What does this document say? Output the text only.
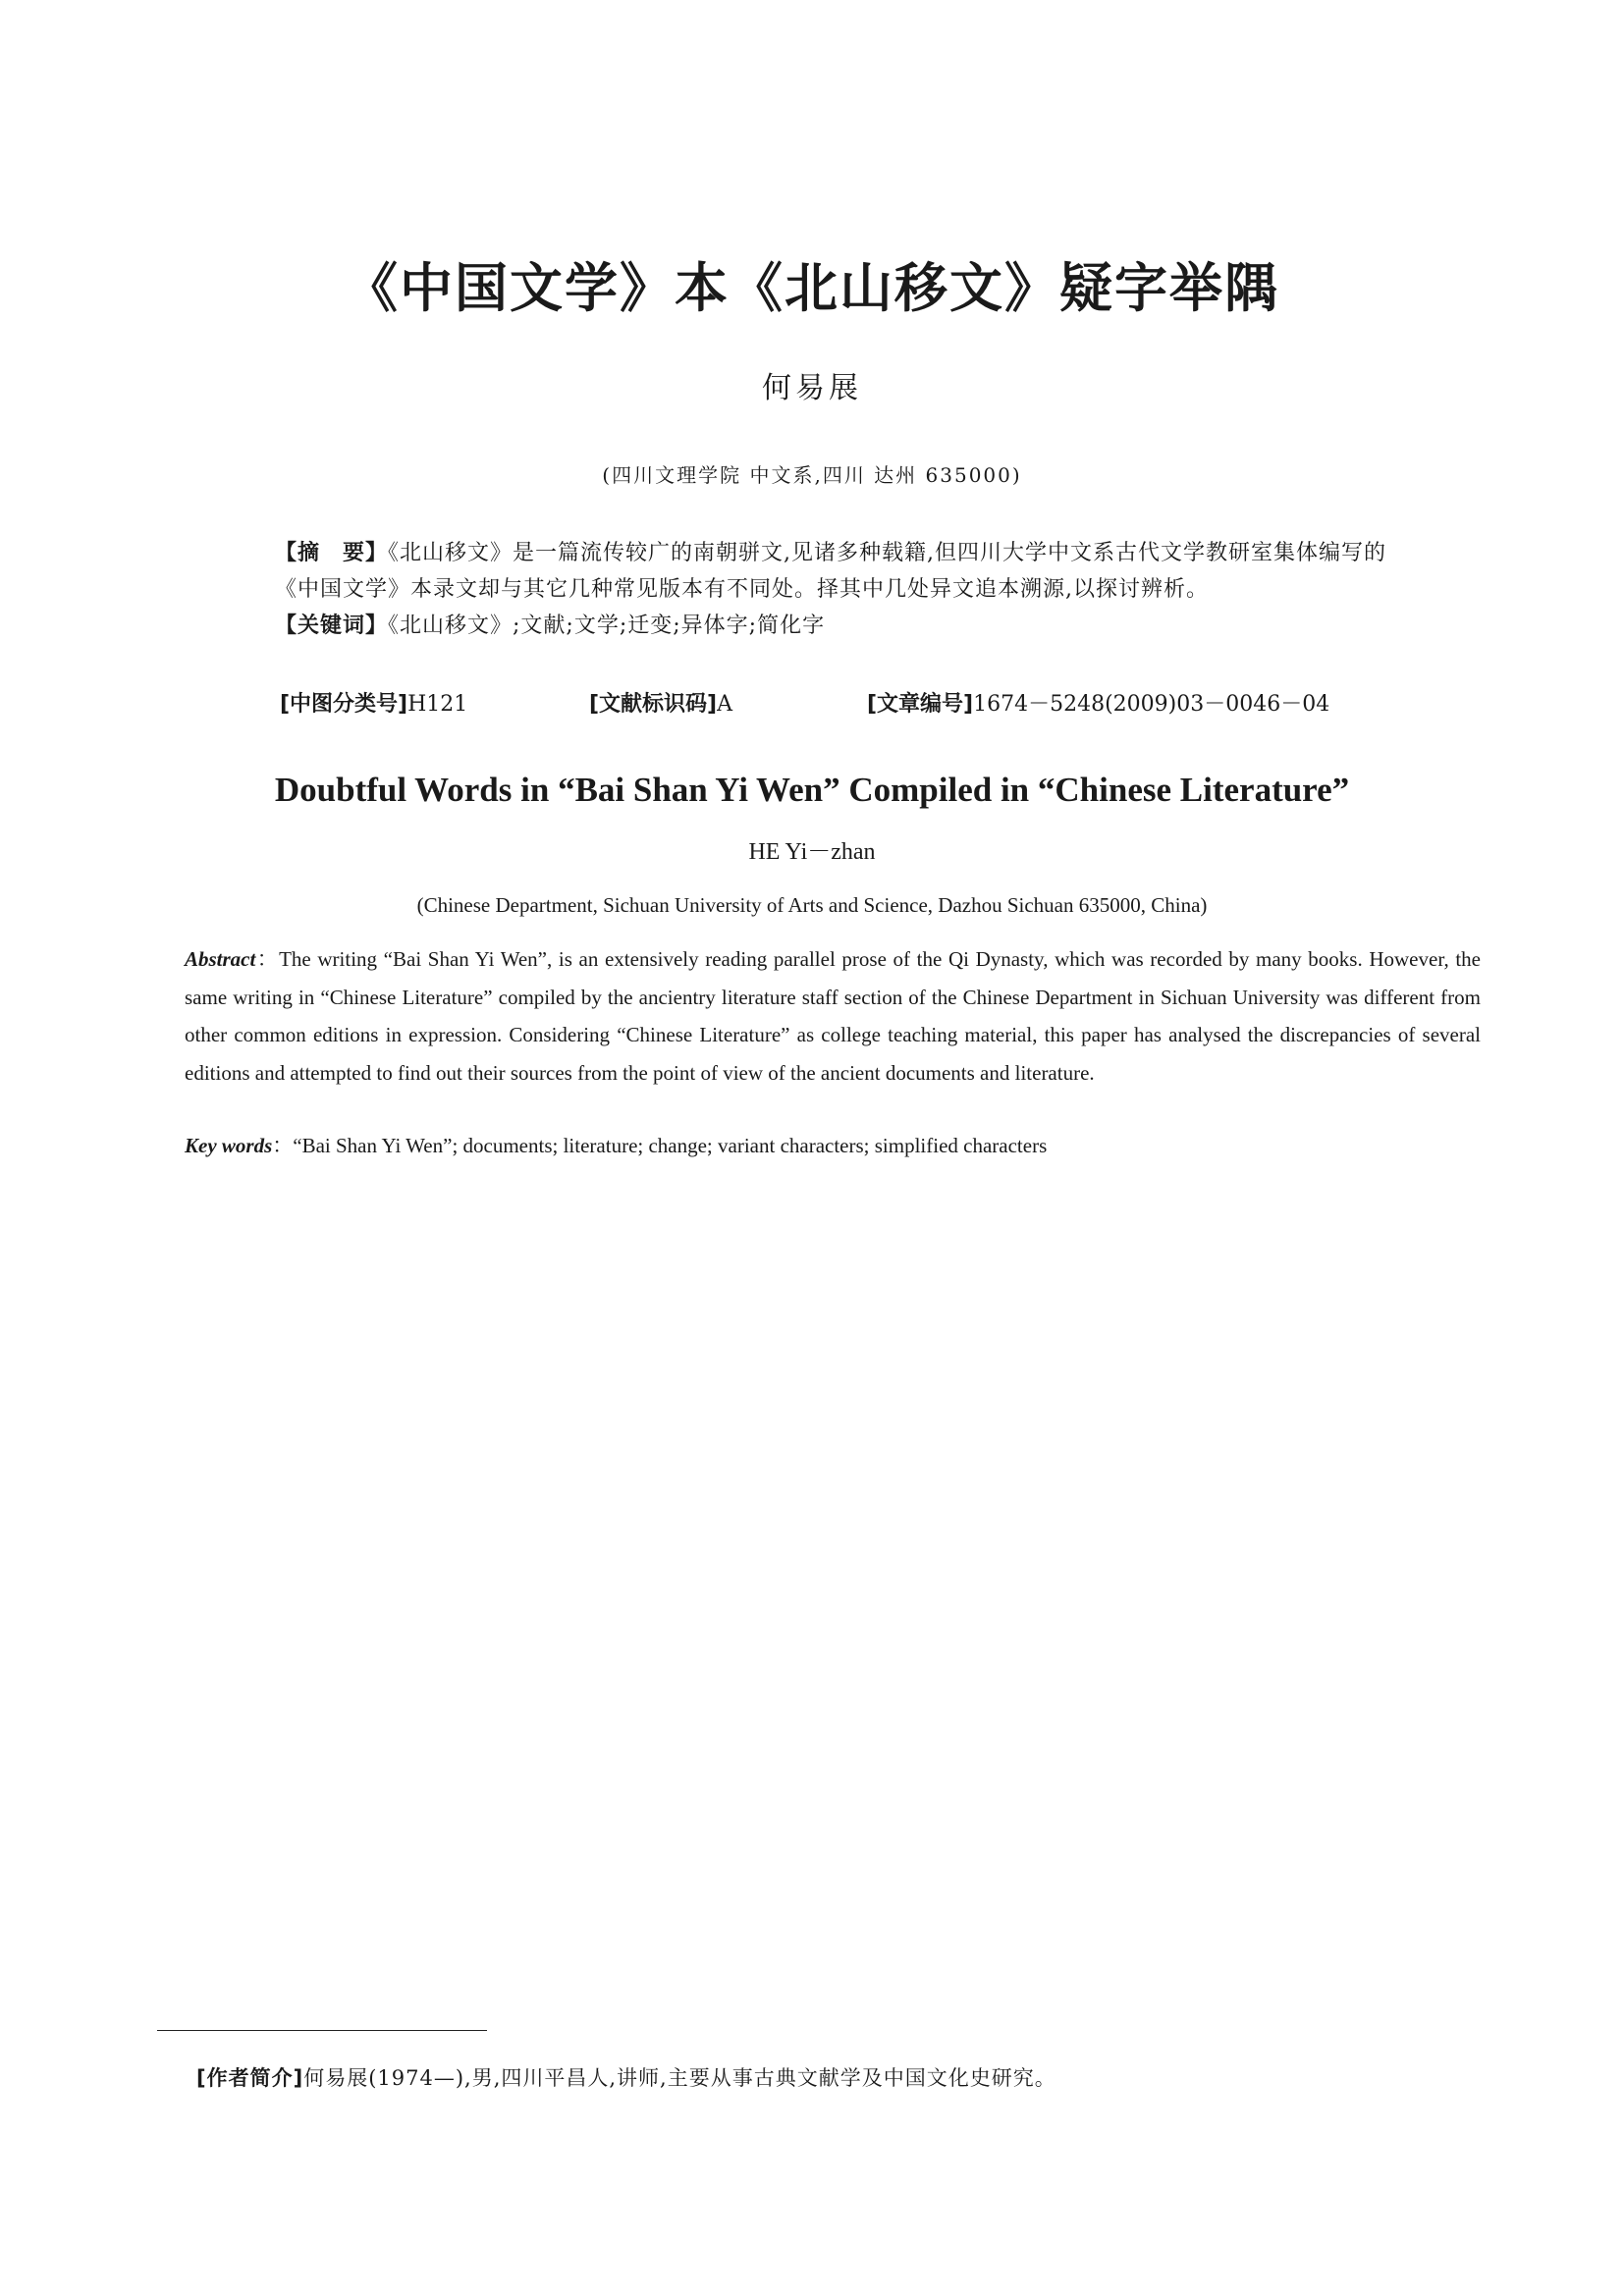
《中国文学》本《北山移文》疑字举隅
何易展
(四川文理学院 中文系,四川 达州 635000)

【摘　要】《北山移文》是一篇流传较广的南朝骈文,见诸多种载籍,但四川大学中文系古代文学教研室集体编写的《中国文学》本录文却与其它几种常见版本有不同处。择其中几处异文追本溯源,以探讨辨析。

【关键词】《北山移文》;文献;文学;迁变;异体字;简化字

[中图分类号]H121	[文献标识码]A	[文章编号]1674－5248(2009)03－0046－04
Doubtful Words in “Bai Shan Yi Wen” Compiled in “Chinese Literature”
HE Yi－zhan
(Chinese Department, Sichuan University of Arts and Science, Dazhou Sichuan 635000, China)

Abstract：The writing “Bai Shan Yi Wen”, is an extensively reading parallel prose of the Qi Dynasty, which was recorded by many books. However, the same writing in “Chinese Literature” compiled by the ancientry literature staff section of the Chinese Department in Sichuan University was different from other common editions in expression. Considering “Chinese Literature” as college teaching material, this paper has analysed the discrepancies of several editions and attempted to find out their sources from the point of view of the ancient documents and literature.

Key words：“Bai Shan Yi Wen”; documents; literature; change; variant characters; simplified characters
[作者简介]何易展(1974—),男,四川平昌人,讲师,主要从事古典文献学及中国文化史研究。
